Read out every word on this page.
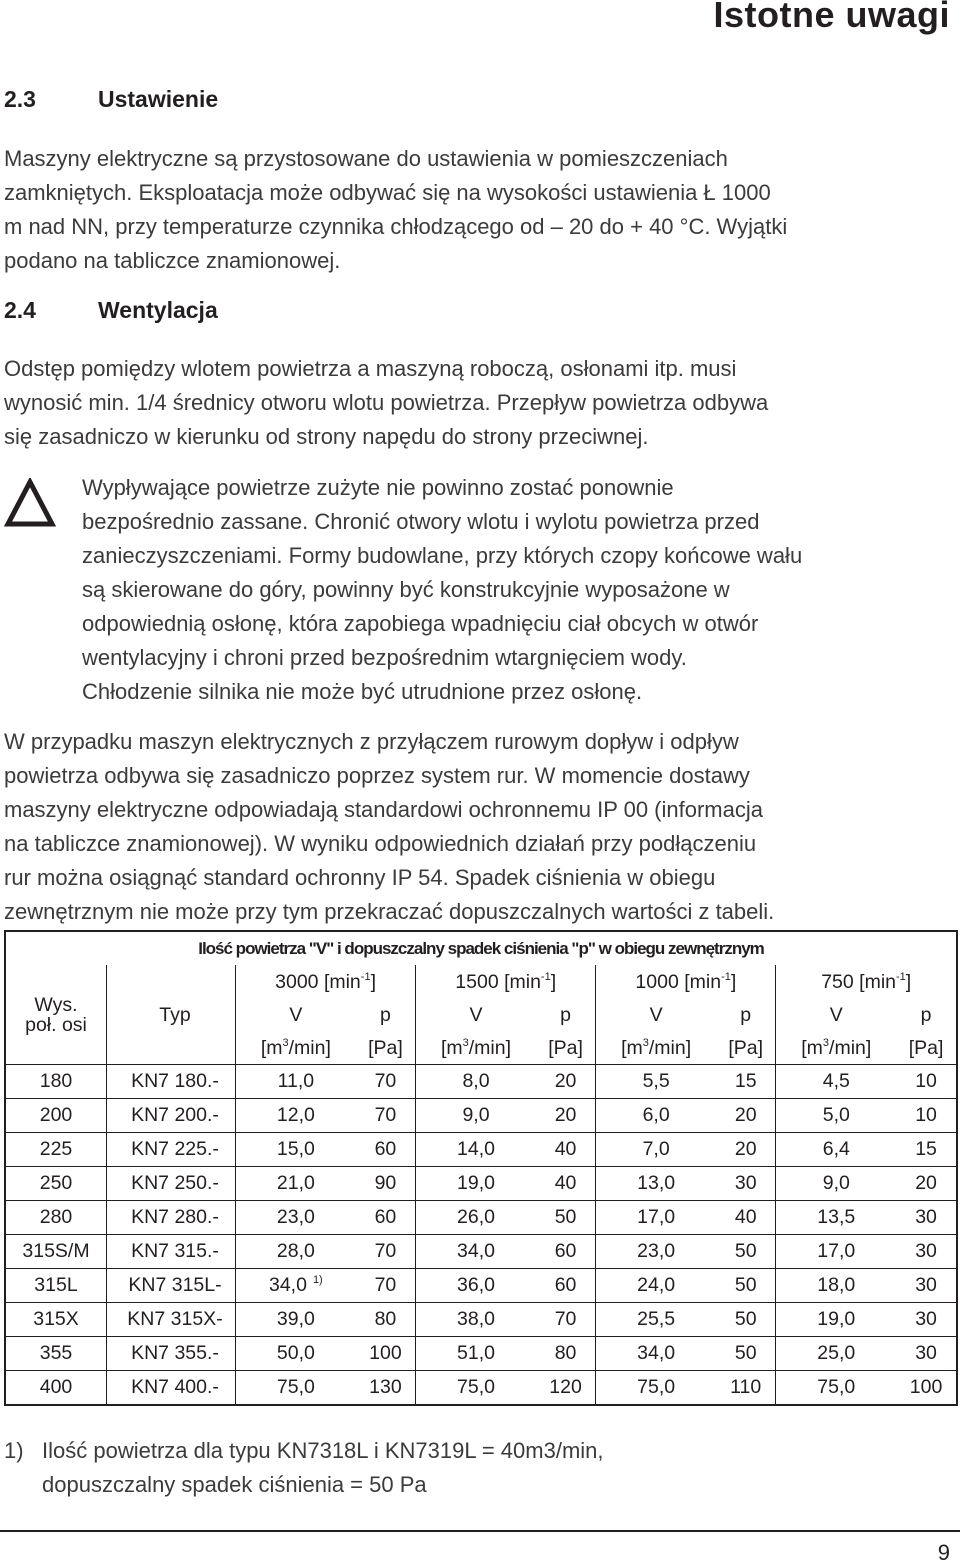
Istotne uwagi
2.3	Ustawienie
Maszyny elektryczne są przystosowane do ustawienia w pomieszczeniach
zamkniętych. Eksploatacja może odbywać się na wysokości ustawienia Ł 1000
m nad NN, przy temperaturze czynnika chłodzącego od – 20 do + 40 °C. Wyjątki
podano na tabliczce znamionowej.
2.4	Wentylacja
Odstęp pomiędzy wlotem powietrza a maszyną roboczą, osłonami itp. musi
wynosić min. 1/4 średnicy otworu wlotu powietrza. Przepływ powietrza odbywa
się zasadniczo w kierunku od strony napędu do strony przeciwnej.
Wypływające powietrze zużyte nie powinno zostać ponownie
bezpośrednio zassane. Chronić otwory wlotu i wylotu powietrza przed
zanieczyszczeniami. Formy budowlane, przy których czopy końcowe wału
są skierowane do góry, powinny być konstrukcyjnie wyposażone w
odpowiednią osłonę, która zapobiega wpadnięciu ciał obcych w otwór
wentylacyjny i chroni przed bezpośrednim wtargnięciem wody.
Chłodzenie silnika nie może być utrudnione przez osłonę.
W przypadku maszyn elektrycznych z przyłączem rurowym dopływ i odpływ
powietrza odbywa się zasadniczo poprzez system rur. W momencie dostawy
maszyny elektryczne odpowiadają standardowi ochronnemu IP 00 (informacja
na tabliczce znamionowej). W wyniku odpowiednich działań przy podłączeniu
rur można osiągnąć standard ochronny IP 54. Spadek ciśnienia w obiegu
zewnętrznym nie może przy tym przekraczać dopuszczalnych wartości z tabeli.
Ilość powietrza "V" i dopuszczalny spadek ciśnienia "p" w obiegu zewnętrznym									
Wys.
poł. osi	Typ	3000 $[\min^{-1}]$		1500 $[\min^{-1}]$		1000 $[\min^{-1}]$		750 $[\min^{-1}]$	
		V	p	V	p	V	p	V	p
		$[m^3/\min]$	[Pa]	$[m^3/\min]$	[Pa]	$[m^3/\min]$	[Pa]	$[m^3/\min]$	[Pa]
180	KN7 180.-	11,0	70	8,0	20	5,5	15	4,5	10
200	KN7 200.-	12,0	70	9,0	20	6,0	20	5,0	10
225	KN7 225.-	15,0	60	14,0	40	7,0	20	6,4	15
250	KN7 250.-	21,0	90	19,0	40	13,0	30	9,0	20
280	KN7 280.-	23,0	60	26,0	50	17,0	40	13,5	30
315S/M	KN7 315.-	28,0	70	34,0	60	23,0	50	17,0	30
315L	KN7 315L-	34,0 $^{1)}$	70	36,0	60	24,0	50	18,0	30
315X	KN7 315X-	39,0	80	38,0	70	25,5	50	19,0	30
355	KN7 355.-	50,0	100	51,0	80	34,0	50	25,0	30
400	KN7 400.-	75,0	130	75,0	120	75,0	110	75,0	100
1) Ilość powietrza dla typu KN7318L i KN7319L = 40m3/min,
dopuszczalny spadek ciśnienia = 50 Pa
9
